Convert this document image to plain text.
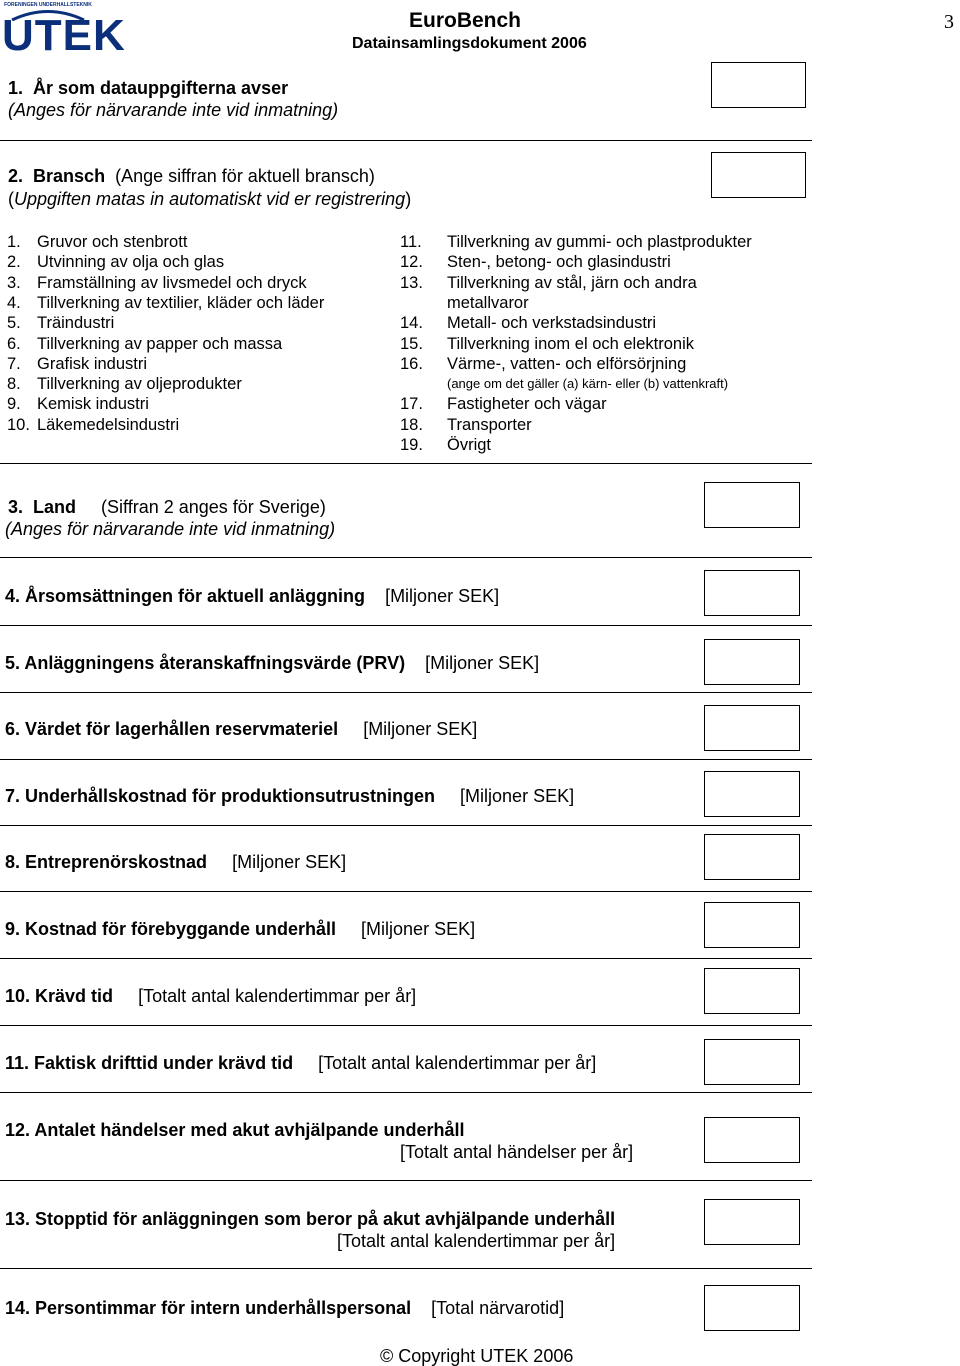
FÖRENINGEN UNDERHÅLLSTEKNIK
UTEK	EuroBench
Datainsamlingsdokument 2006
3
1. År som datauppgifterna avser
(Anges för närvarande inte vid inmatning)
2. Bransch (Ange siffran för aktuell bransch)
(Uppgiften matas in automatiskt vid er registrering)
1. Gruvor och stenbrott
2. Utvinning av olja och glas
3. Framställning av livsmedel och dryck
4. Tillverkning av textilier, kläder och läder
5. Träindustri
6. Tillverkning av papper och massa
7. Grafisk industri
8. Tillverkning av oljeprodukter
9. Kemisk industri
10. Läkemedelsindustri
11. Tillverkning av gummi- och plastprodukter
12. Sten-, betong- och glasindustri
13. Tillverkning av stål, järn och andra
metallvaror
14. Metall- och verkstadsindustri
15. Tillverkning inom el och elektronik
16. Värme-, vatten- och elförsörjning
(ange om det gäller (a) kärn- eller (b) vattenkraft)
17. Fastigheter och vägar
18. Transporter
19. Övrigt
3. Land (Siffran 2 anges för Sverige)
(Anges för närvarande inte vid inmatning)
4. Årsomsättningen för aktuell anläggning [Miljoner SEK]
5. Anläggningens återanskaffningsvärde (PRV) [Miljoner SEK]
6. Värdet för lagerhållen reservmateriel [Miljoner SEK]
7. Underhållskostnad för produktionsutrustningen [Miljoner SEK]
8. Entreprenörskostnad [Miljoner SEK]
9. Kostnad för förebyggande underhåll [Miljoner SEK]
10. Krävd tid [Totalt antal kalendertimmar per år]
11. Faktisk drifttid under krävd tid [Totalt antal kalendertimmar per år]
12. Antalet händelser med akut avhjälpande underhåll
[Totalt antal händelser per år]
13. Stopptid för anläggningen som beror på akut avhjälpande underhåll
[Totalt antal kalendertimmar per år]
14. Persontimmar för intern underhållspersonal [Total närvarotid]
© Copyright UTEK 2006
